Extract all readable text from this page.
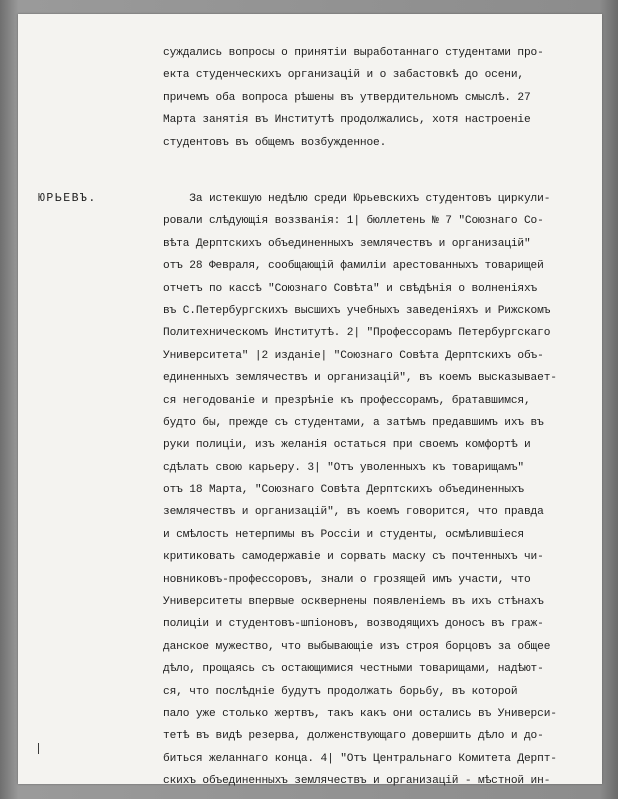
суждались вопросы о принятiи выработаннаго студентами про-
екта студенческихъ организацiй и о забастовкѣ до осени,
причемъ оба вопроса рѣшены въ утвердительномъ смыслѣ. 27
Марта занятiя въ Институтѣ продолжались, хотя настроенiе
студентовъ въ общемъ возбужденное.
ЮРЬЕВЪ.	За истекшую недѣлю среди Юрьевскихъ студентовъ циркули-
ровали слѣдующiя воззванiя: 1| бюллетень № 7 "Союзнаго Со-
вѣта Дерптскихъ объединенныхъ землячествъ и организацiй"
отъ 28 Февраля, сообщающiй фамилiи арестованныхъ товарищей
отчетъ по кассѣ "Союзнаго Совѣта" и свѣдѣнiя о волненiяхъ
въ С.Петербургскихъ высшихъ учебныхъ заведенiяхъ и Рижскомъ
Политехническомъ Институтѣ. 2| "Профессорамъ Петербургскаго
Университета" |2 изданiе| "Союзнаго Совѣта Дерптскихъ объ-
единенныхъ землячествъ и организацiй", въ коемъ высказывает-
ся негодованiе и презрѣнiе къ профессорамъ, братавшимся,
будто бы, прежде съ студентами, а затѣмъ предавшимъ ихъ въ
руки полицiи, изъ желанiя остаться при своемъ комфортѣ и
сдѣлать свою карьеру. 3| "Отъ уволенныхъ къ товарищамъ"
отъ 18 Марта, "Союзнаго Совѣта Дерптскихъ объединенныхъ
землячествъ и организацiй", въ коемъ говорится, что правда
и смѣлость нетерпимы въ Россiи и студенты, осмѣлившiеся
критиковать самодержавiе и сорвать маску съ почтенныхъ чи-
новниковъ-профессоровъ, знали о грозящей имъ участи, что
Университеты впервые осквернены появленiемъ въ ихъ стѣнахъ
полицiи и студентовъ-шпiоновъ, возводящихъ доносъ въ граж-
данское мужество, что выбывающiе изъ строя борцовъ за общее
дѣло, прощаясь съ остающимися честными товарищами, надѣют-
ся, что послѣднiе будутъ продолжать борьбу, въ которой
пало уже столько жертвъ, такъ какъ они остались въ Универси-
тетѣ въ видѣ резерва, долженствующаго довершить дѣло и до-
биться желаннаго конца. 4| "Отъ Центральнаго Комитета Дерпт-
скихъ объединенныхъ землячествъ и организацiй - мѣстной ин-
